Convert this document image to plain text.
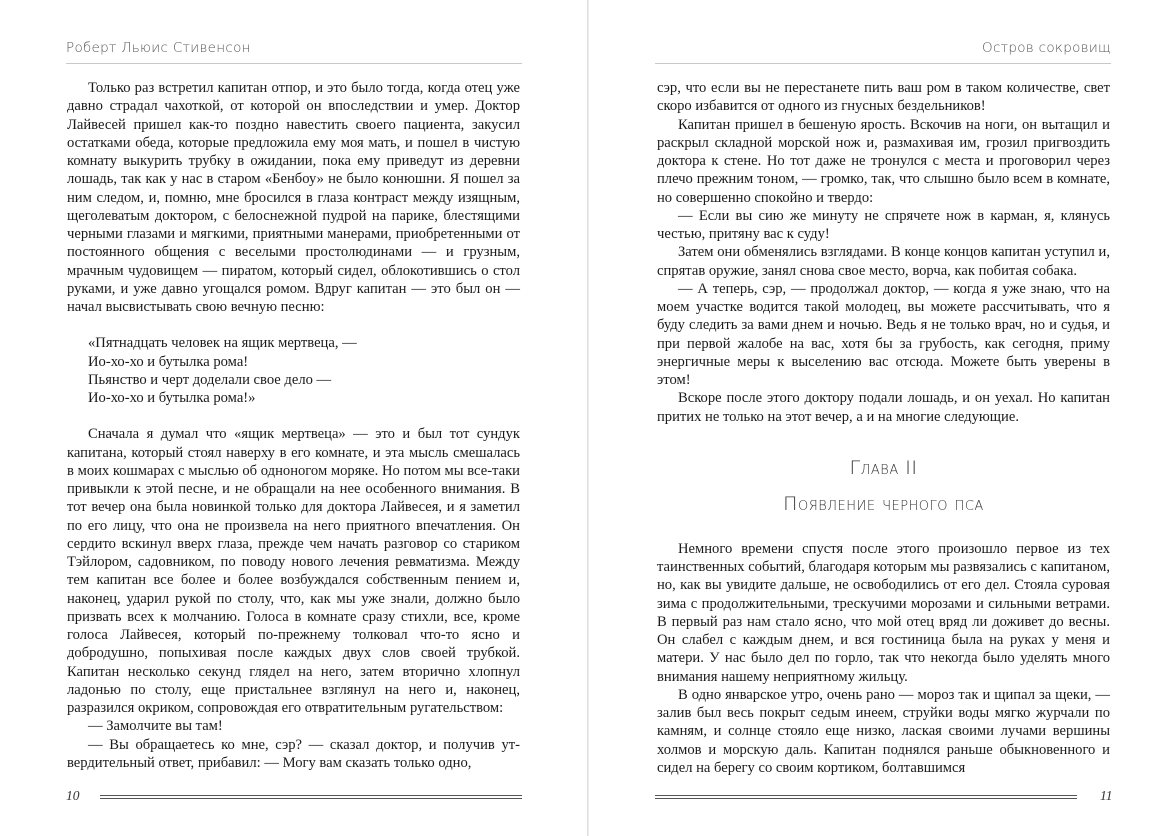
Роберт Льюис Стивенсон

Только раз встретил капитан отпор, и это было тогда, когда отец уже давно страдал чахоткой, от которой он впоследствии и умер. Доктор Лайвесей пришел как-то поздно навестить своего пациента, закусил остатками обеда, которые предложила ему моя мать, и пошел в чистую комнату выкурить трубку в ожидании, пока ему приведут из деревни лошадь, так как у нас в старом «Бенбоу» не было конюшни. Я пошел за ним следом, и, помню, мне бросился в глаза контраст между изящным, щеголеватым доктором, с белоснежной пудрой на парике, блестящими черными глазами и мягкими, приятными манерами, приобретенными от постоянного общения с веселыми простолюдинами — и грузным, мрачным чудовищем — пиратом, который сидел, облокотившись о стол руками, и уже давно угощался ромом. Вдруг капитан — это был он — начал высвистывать свою вечную песню:

«Пятнадцать человек на ящик мертвеца, —
Ио-хо-хо и бутылка рома!
Пьянство и черт доделали свое дело —
Ио-хо-хо и бутылка рома!»

Сначала я думал что «ящик мертвеца» — это и был тот сундук капитана, который стоял наверху в его комнате, и эта мысль смешалась в моих кошмарах с мыслью об одноногом моряке. Но потом мы все-таки привыкли к этой песне, и не обращали на нее особенного внимания. В тот вечер она была новинкой только для доктора Лайвесея, и я заметил по его лицу, что она не произвела на него приятного впечатления. Он сердито вскинул вверх глаза, прежде чем начать разговор со стариком Тэйлором, садовником, по поводу нового лечения ревматизма. Между тем капитан все более и более возбуждался собственным пением и, наконец, ударил рукой по столу, что, как мы уже знали, должно было призвать всех к молчанию. Голоса в комнате сразу стихли, все, кроме голоса Лайвесея, который по-прежнему толковал что-то ясно и добродушно, попыхивая после каждых двух слов своей трубкой. Капитан несколько секунд глядел на него, затем вторично хлопнул ладонью по столу, еще пристальнее взглянул на него и, наконец, разразился окриком, сопровождая его отвратительным ругательством:

— Замолчите вы там!

— Вы обращаетесь ко мне, сэр? — сказал доктор, и получив утвердительный ответ, прибавил: — Могу вам сказать только одно,

10
Остров сокровищ

сэр, что если вы не перестанете пить ваш ром в таком количестве, свет скоро избавится от одного из гнусных бездельников!

Капитан пришел в бешеную ярость. Вскочив на ноги, он вытащил и раскрыл складной морской нож и, размахивая им, грозил пригвоздить доктора к стене. Но тот даже не тронулся с места и проговорил через плечо прежним тоном, — громко, так, что слышно было всем в комнате, но совершенно спокойно и твердо:

— Если вы сию же минуту не спрячете нож в карман, я, клянусь честью, притяну вас к суду!

Затем они обменялись взглядами. В конце концов капитан уступил и, спрятав оружие, занял снова свое место, ворча, как побитая собака.

— А теперь, сэр, — продолжал доктор, — когда я уже знаю, что на моем участке водится такой молодец, вы можете рассчитывать, что я буду следить за вами днем и ночью. Ведь я не только врач, но и судья, и при первой жалобе на вас, хотя бы за грубость, как сегодня, приму энергичные меры к выселению вас отсюда. Можете быть уверены в этом!

Вскоре после этого доктору подали лошадь, и он уехал. Но капитан притих не только на этот вечер, а и на многие следующие.

Глава II
Появление черного пса

Немного времени спустя после этого произошло первое из тех таинственных событий, благодаря которым мы развязались с капитаном, но, как вы увидите дальше, не освободились от его дел. Стояла суровая зима с продолжительными, трескучими морозами и сильными ветрами. В первый раз нам стало ясно, что мой отец вряд ли доживет до весны. Он слабел с каждым днем, и вся гостиница была на руках у меня и матери. У нас было дел по горло, так что некогда было уделять много внимания нашему неприятному жильцу.

В одно январское утро, очень рано — мороз так и щипал за щеки, — залив был весь покрыт седым инеем, струйки воды мягко журчали по камням, и солнце стояло еще низко, лаская своими лучами вершины холмов и морскую даль. Капитан поднялся раньше обыкновенного и сидел на берегу со своим кортиком, болтавшимся

11
